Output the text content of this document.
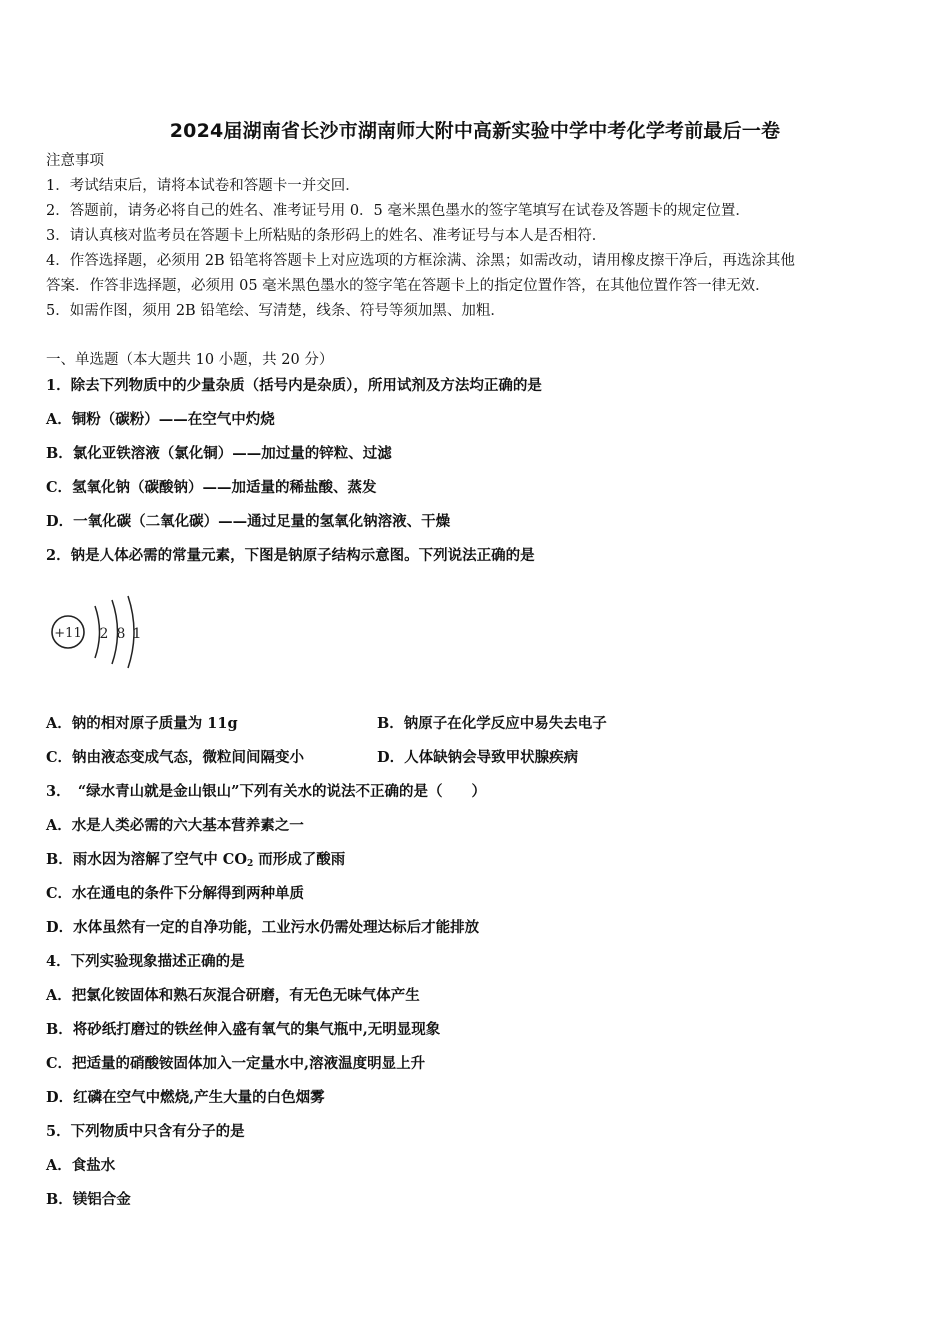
2024届湖南省长沙市湖南师大附中高新实验中学中考化学考前最后一卷
注意事项
1．考试结束后，请将本试卷和答题卡一并交回．
2．答题前，请务必将自己的姓名、准考证号用 0．5 毫米黑色墨水的签字笔填写在试卷及答题卡的规定位置．
3．请认真核对监考员在答题卡上所粘贴的条形码上的姓名、准考证号与本人是否相符．
4．作答选择题，必须用 2B 铅笔将答题卡上对应选项的方框涂满、涂黑；如需改动，请用橡皮擦干净后，再选涂其他
答案．作答非选择题，必须用 05 毫米黑色墨水的签字笔在答题卡上的指定位置作答，在其他位置作答一律无效．
5．如需作图，须用 2B 铅笔绘、写清楚，线条、符号等须加黑、加粗．
一、单选题（本大题共 10 小题，共 20 分）
1．除去下列物质中的少量杂质（括号内是杂质），所用试剂及方法均正确的是
A．铜粉（碳粉）——在空气中灼烧
B．氯化亚铁溶液（氯化铜）——加过量的锌粒、过滤
C．氢氧化钠（碳酸钠）——加适量的稀盐酸、蒸发
D．一氧化碳（二氧化碳）——通过足量的氢氧化钠溶液、干燥
2．钠是人体必需的常量元素，下图是钠原子结构示意图。下列说法正确的是
+11 2 8 1
A．钠的相对原子质量为 11g	B．钠原子在化学反应中易失去电子
C．钠由液态变成气态，微粒间间隔变小	D．人体缺钠会导致甲状腺疾病
3．　“绿水青山就是金山银山”下列有关水的说法不正确的是（　　）
A．水是人类必需的六大基本营养素之一
B．雨水因为溶解了空气中 $CO_2$ 而形成了酸雨
C．水在通电的条件下分解得到两种单质
D．水体虽然有一定的自净功能，工业污水仍需处理达标后才能排放
4．下列实验现象描述正确的是
A．把氯化铵固体和熟石灰混合研磨，有无色无味气体产生
B．将砂纸打磨过的铁丝伸入盛有氧气的集气瓶中,无明显现象
C．把适量的硝酸铵固体加入一定量水中,溶液温度明显上升
D．红磷在空气中燃烧,产生大量的白色烟雾
5．下列物质中只含有分子的是
A．食盐水
B．镁铝合金
